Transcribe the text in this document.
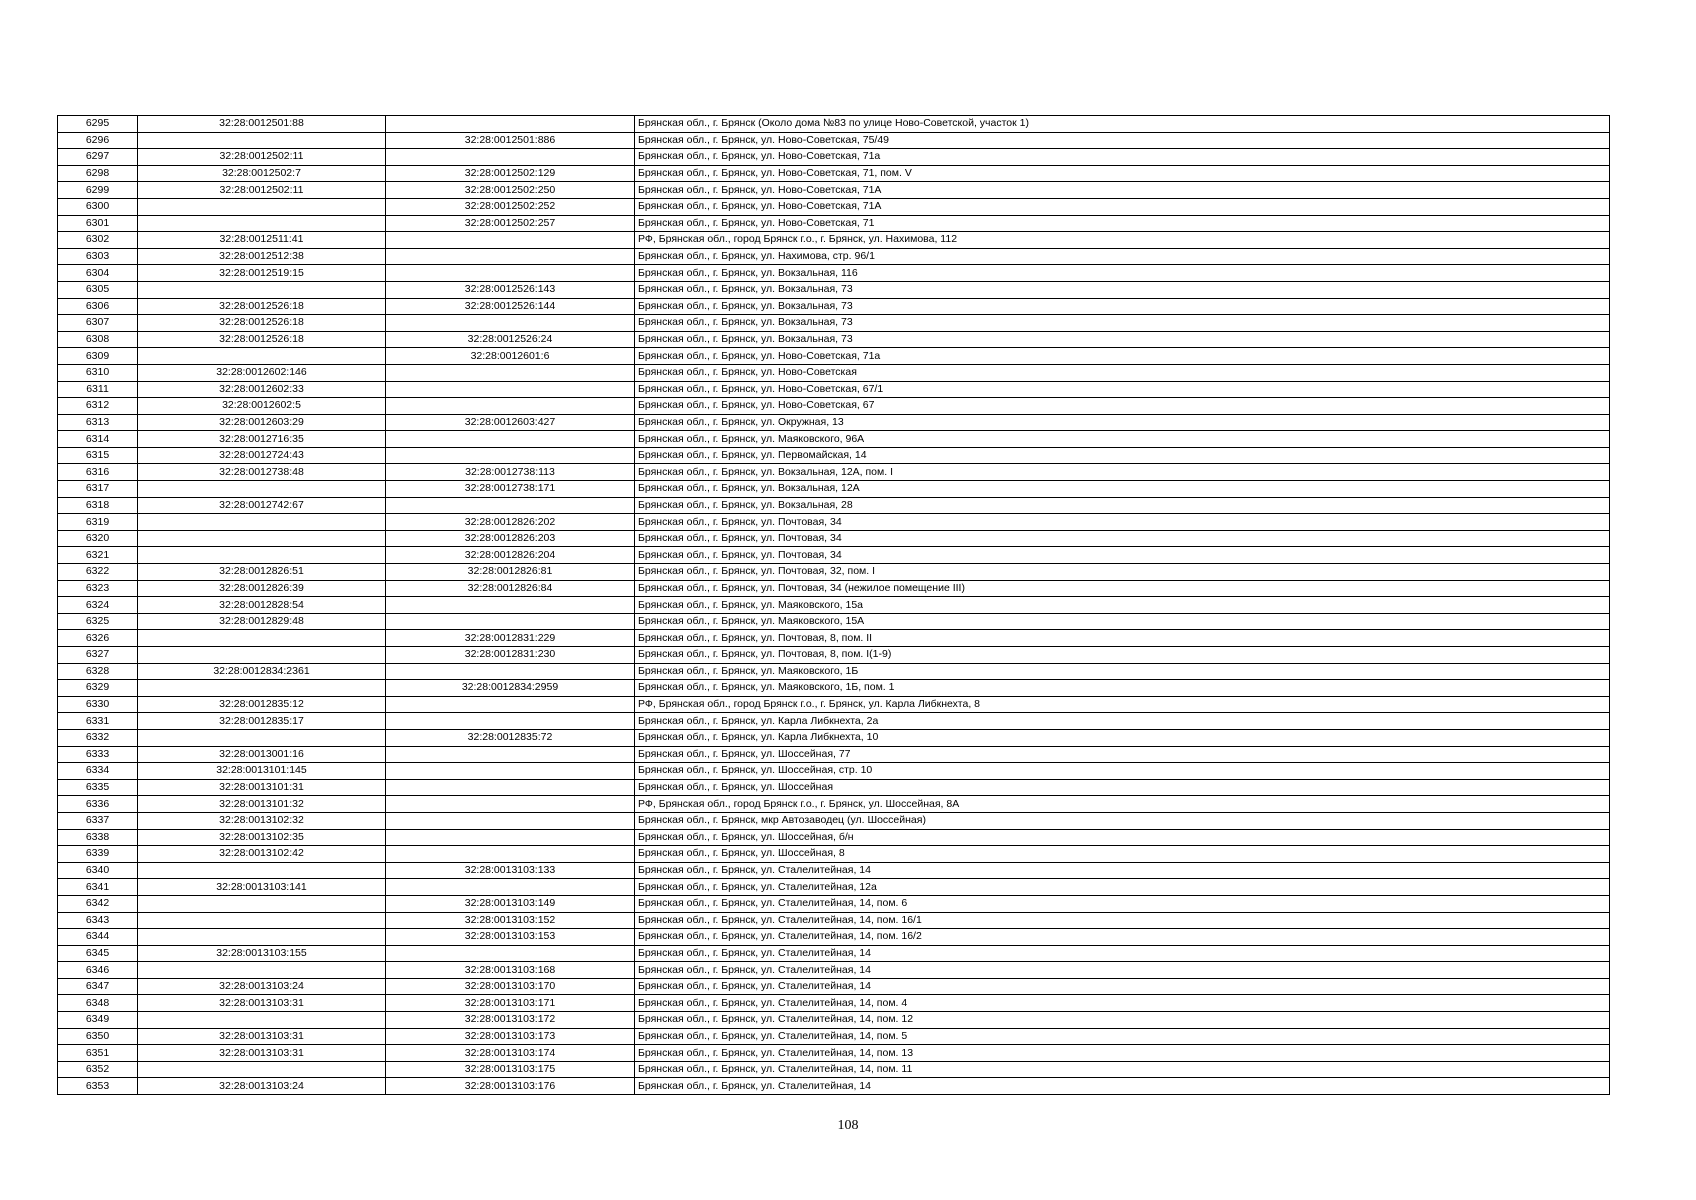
6295	32:28:0012501:88		Брянская обл., г. Брянск (Около дома №83 по улице Ново-Советской, участок 1)
6296		32:28:0012501:886	Брянская обл., г. Брянск, ул. Ново-Советская, 75/49
6297	32:28:0012502:11		Брянская обл., г. Брянск, ул. Ново-Советская, 71а
6298	32:28:0012502:7	32:28:0012502:129	Брянская обл., г. Брянск, ул. Ново-Советская, 71, пом. V
6299	32:28:0012502:11	32:28:0012502:250	Брянская обл., г. Брянск, ул. Ново-Советская, 71А
6300		32:28:0012502:252	Брянская обл., г. Брянск, ул. Ново-Советская, 71А
6301		32:28:0012502:257	Брянская обл., г. Брянск, ул. Ново-Советская, 71
6302	32:28:0012511:41		РФ, Брянская обл., город Брянск г.о., г. Брянск, ул. Нахимова, 112
6303	32:28:0012512:38		Брянская обл., г. Брянск, ул. Нахимова, стр. 96/1
6304	32:28:0012519:15		Брянская обл., г. Брянск, ул. Вокзальная, 116
6305		32:28:0012526:143	Брянская обл., г. Брянск, ул. Вокзальная, 73
6306	32:28:0012526:18	32:28:0012526:144	Брянская обл., г. Брянск, ул. Вокзальная, 73
6307	32:28:0012526:18		Брянская обл., г. Брянск, ул. Вокзальная, 73
6308	32:28:0012526:18	32:28:0012526:24	Брянская обл., г. Брянск, ул. Вокзальная, 73
6309		32:28:0012601:6	Брянская обл., г. Брянск, ул. Ново-Советская, 71а
6310	32:28:0012602:146		Брянская обл., г. Брянск, ул. Ново-Советская
6311	32:28:0012602:33		Брянская обл., г. Брянск, ул. Ново-Советская, 67/1
6312	32:28:0012602:5		Брянская обл., г. Брянск, ул. Ново-Советская, 67
6313	32:28:0012603:29	32:28:0012603:427	Брянская обл., г. Брянск, ул. Окружная, 13
6314	32:28:0012716:35		Брянская обл., г. Брянск, ул. Маяковского, 96А
6315	32:28:0012724:43		Брянская обл., г. Брянск, ул. Первомайская, 14
6316	32:28:0012738:48	32:28:0012738:113	Брянская обл., г. Брянск, ул. Вокзальная, 12А, пом. I
6317		32:28:0012738:171	Брянская обл., г. Брянск, ул. Вокзальная, 12А
6318	32:28:0012742:67		Брянская обл., г. Брянск, ул. Вокзальная, 28
6319		32:28:0012826:202	Брянская обл., г. Брянск, ул. Почтовая, 34
6320		32:28:0012826:203	Брянская обл., г. Брянск, ул. Почтовая, 34
6321		32:28:0012826:204	Брянская обл., г. Брянск, ул. Почтовая, 34
6322	32:28:0012826:51	32:28:0012826:81	Брянская обл., г. Брянск, ул. Почтовая, 32, пом. I
6323	32:28:0012826:39	32:28:0012826:84	Брянская обл., г. Брянск, ул. Почтовая, 34 (нежилое помещение III)
6324	32:28:0012828:54		Брянская обл., г. Брянск, ул. Маяковского, 15а
6325	32:28:0012829:48		Брянская обл., г. Брянск, ул. Маяковского, 15А
6326		32:28:0012831:229	Брянская обл., г. Брянск, ул. Почтовая, 8, пом. II
6327		32:28:0012831:230	Брянская обл., г. Брянск, ул. Почтовая, 8, пом. I(1-9)
6328	32:28:0012834:2361		Брянская обл., г. Брянск, ул. Маяковского, 1Б
6329		32:28:0012834:2959	Брянская обл., г. Брянск, ул. Маяковского, 1Б, пом. 1
6330	32:28:0012835:12		РФ, Брянская обл., город Брянск г.о., г. Брянск, ул. Карла Либкнехта, 8
6331	32:28:0012835:17		Брянская обл., г. Брянск, ул. Карла Либкнехта, 2а
6332		32:28:0012835:72	Брянская обл., г. Брянск, ул. Карла Либкнехта, 10
6333	32:28:0013001:16		Брянская обл., г. Брянск, ул. Шоссейная, 77
6334	32:28:0013101:145		Брянская обл., г. Брянск, ул. Шоссейная, стр. 10
6335	32:28:0013101:31		Брянская обл., г. Брянск, ул. Шоссейная
6336	32:28:0013101:32		РФ, Брянская обл., город Брянск г.о., г. Брянск, ул. Шоссейная, 8А
6337	32:28:0013102:32		Брянская обл., г. Брянск, мкр Автозаводец (ул. Шоссейная)
6338	32:28:0013102:35		Брянская обл., г. Брянск, ул. Шоссейная, б/н
6339	32:28:0013102:42		Брянская обл., г. Брянск, ул. Шоссейная, 8
6340		32:28:0013103:133	Брянская обл., г. Брянск, ул. Сталелитейная, 14
6341	32:28:0013103:141		Брянская обл., г. Брянск, ул. Сталелитейная, 12а
6342		32:28:0013103:149	Брянская обл., г. Брянск, ул. Сталелитейная, 14, пом. 6
6343		32:28:0013103:152	Брянская обл., г. Брянск, ул. Сталелитейная, 14, пом. 16/1
6344		32:28:0013103:153	Брянская обл., г. Брянск, ул. Сталелитейная, 14, пом. 16/2
6345	32:28:0013103:155		Брянская обл., г. Брянск, ул. Сталелитейная, 14
6346		32:28:0013103:168	Брянская обл., г. Брянск, ул. Сталелитейная, 14
6347	32:28:0013103:24	32:28:0013103:170	Брянская обл., г. Брянск, ул. Сталелитейная, 14
6348	32:28:0013103:31	32:28:0013103:171	Брянская обл., г. Брянск, ул. Сталелитейная, 14, пом. 4
6349		32:28:0013103:172	Брянская обл., г. Брянск, ул. Сталелитейная, 14, пом. 12
6350	32:28:0013103:31	32:28:0013103:173	Брянская обл., г. Брянск, ул. Сталелитейная, 14, пом. 5
6351	32:28:0013103:31	32:28:0013103:174	Брянская обл., г. Брянск, ул. Сталелитейная, 14, пом. 13
6352		32:28:0013103:175	Брянская обл., г. Брянск, ул. Сталелитейная, 14, пом. 11
6353	32:28:0013103:24	32:28:0013103:176	Брянская обл., г. Брянск, ул. Сталелитейная, 14
108
